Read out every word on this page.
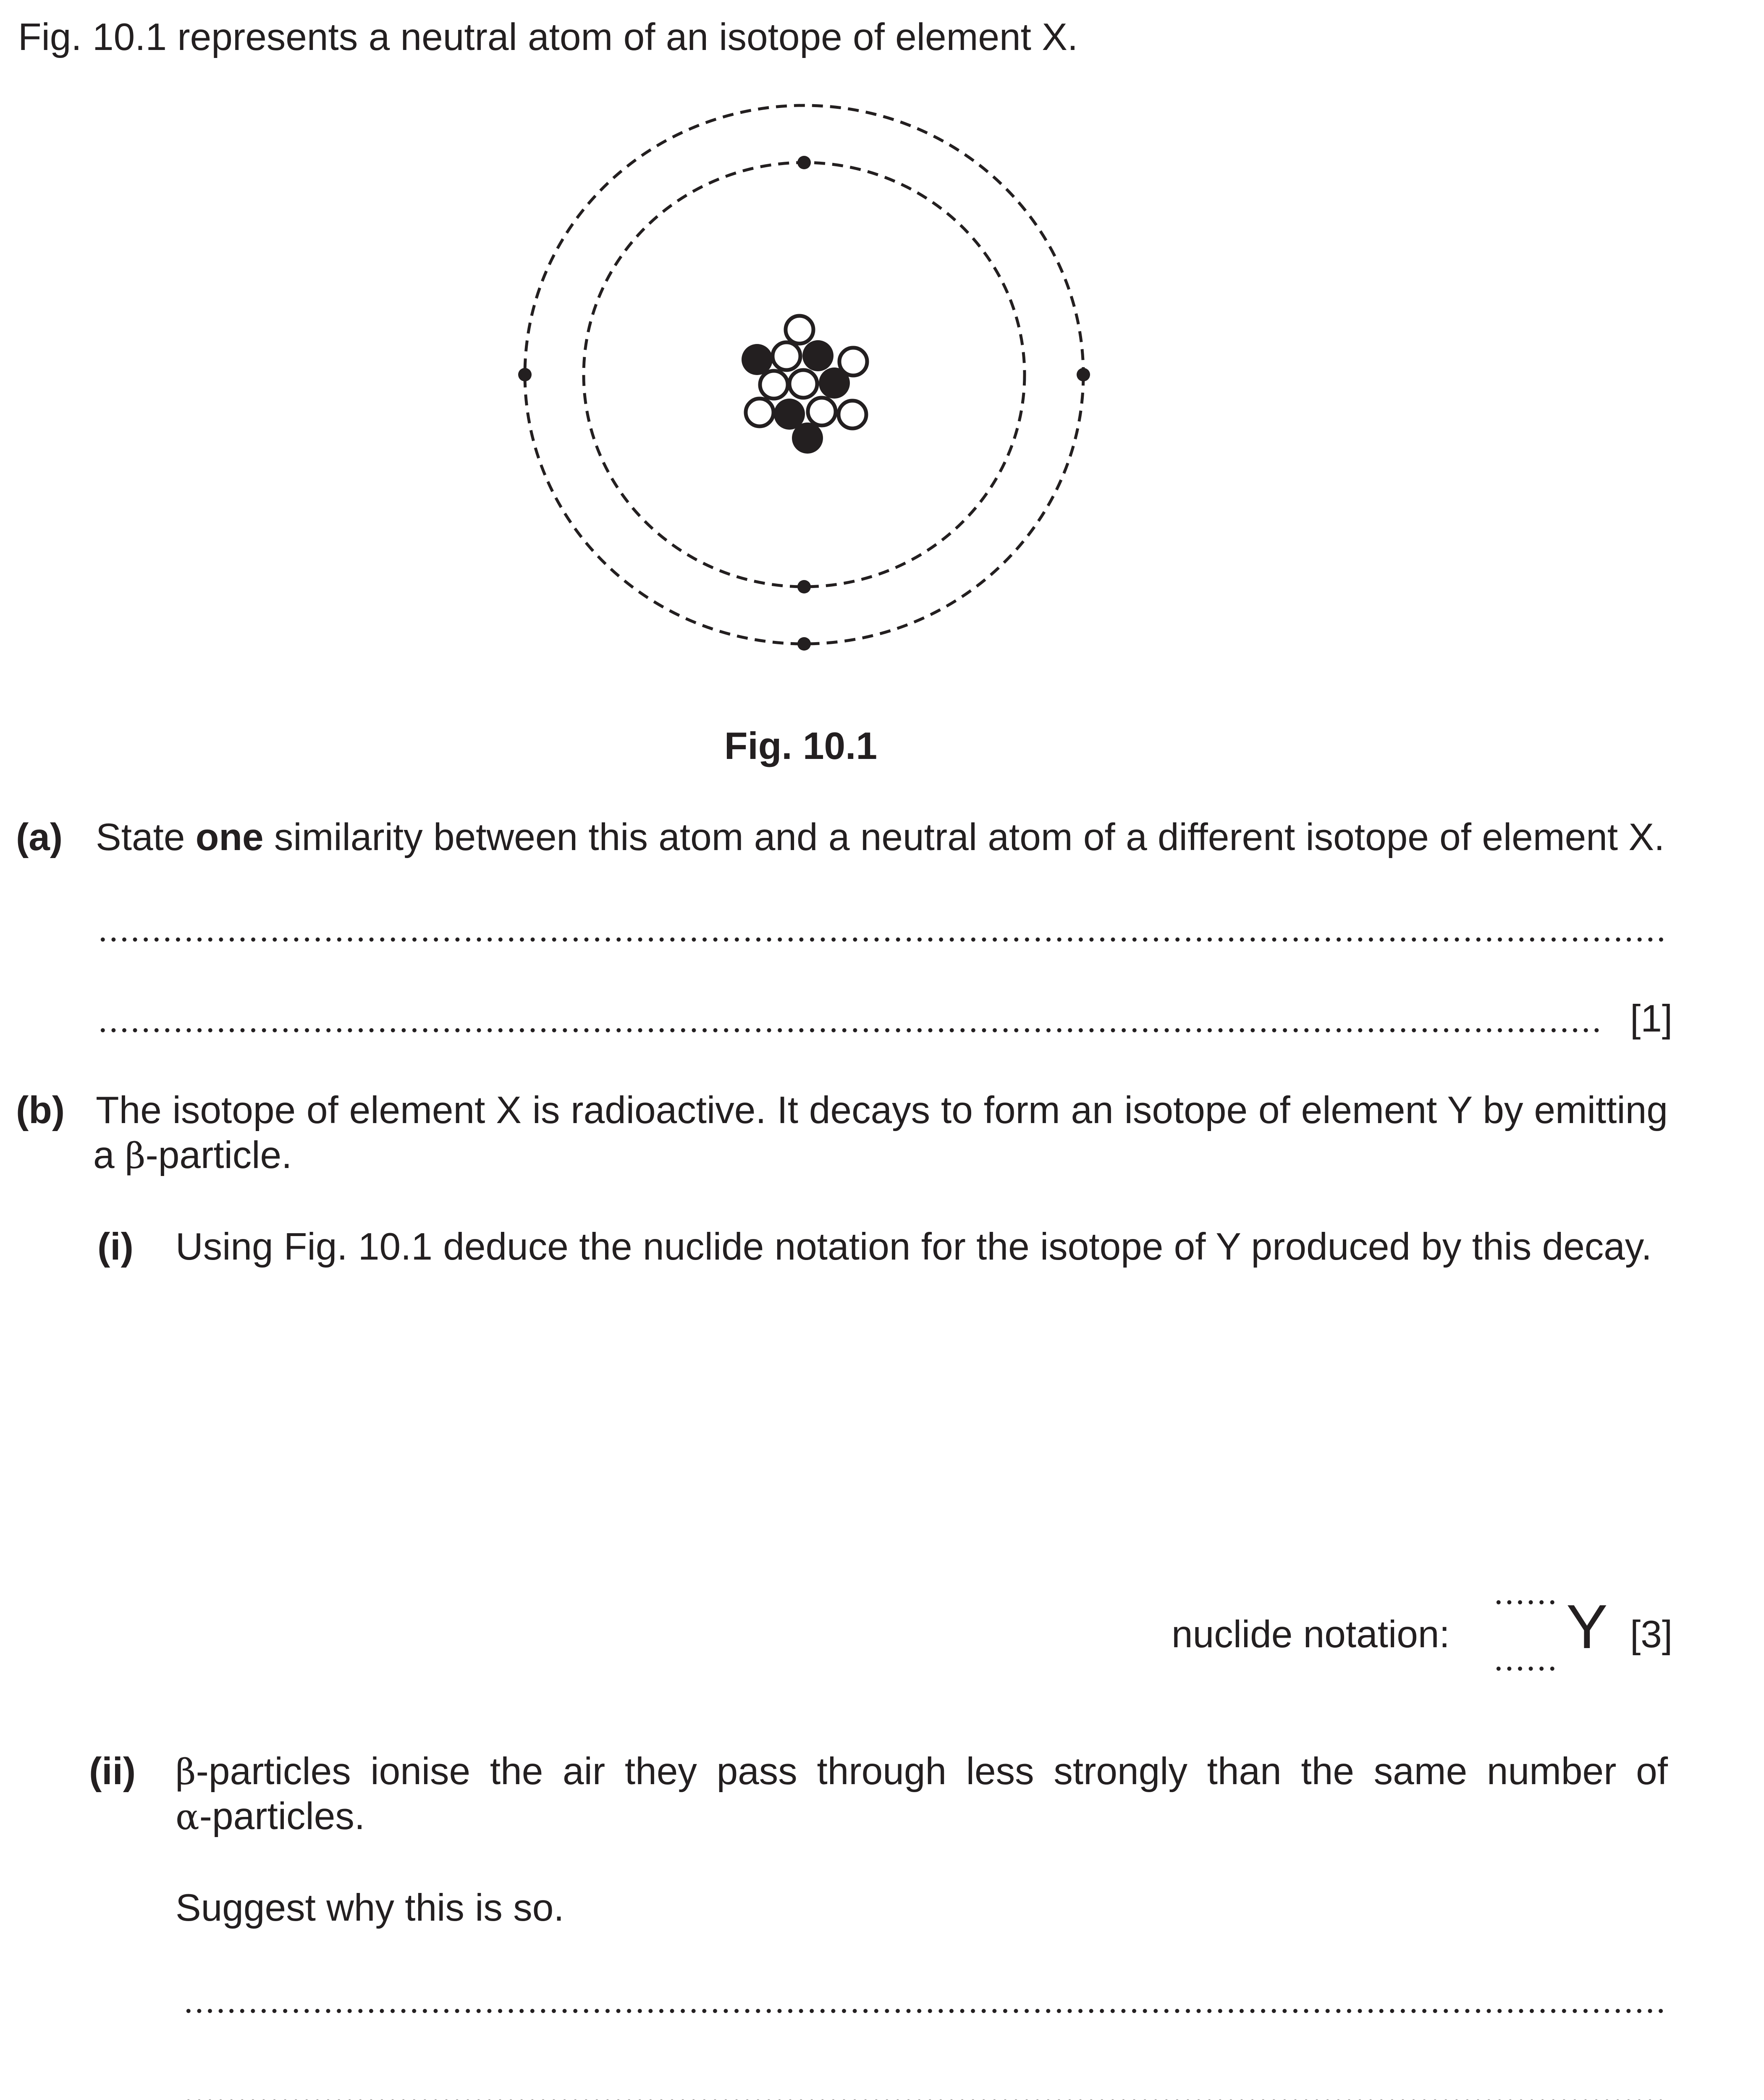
Fig. 10.1 represents a neutral atom of an isotope of element X.
Fig. 10.1
(a) State one similarity between this atom and a neutral atom of a different isotope of element X.
[1]
(b) The isotope of element X is radioactive. It decays to form an isotope of element Y by emitting
a β-particle.
(i) Using Fig. 10.1 deduce the nuclide notation for the isotope of Y produced by this decay.
nuclide notation: Y [3]
(ii) β-particles ionise the air they pass through less strongly than the same number of
α-particles.
Suggest why this is so.
